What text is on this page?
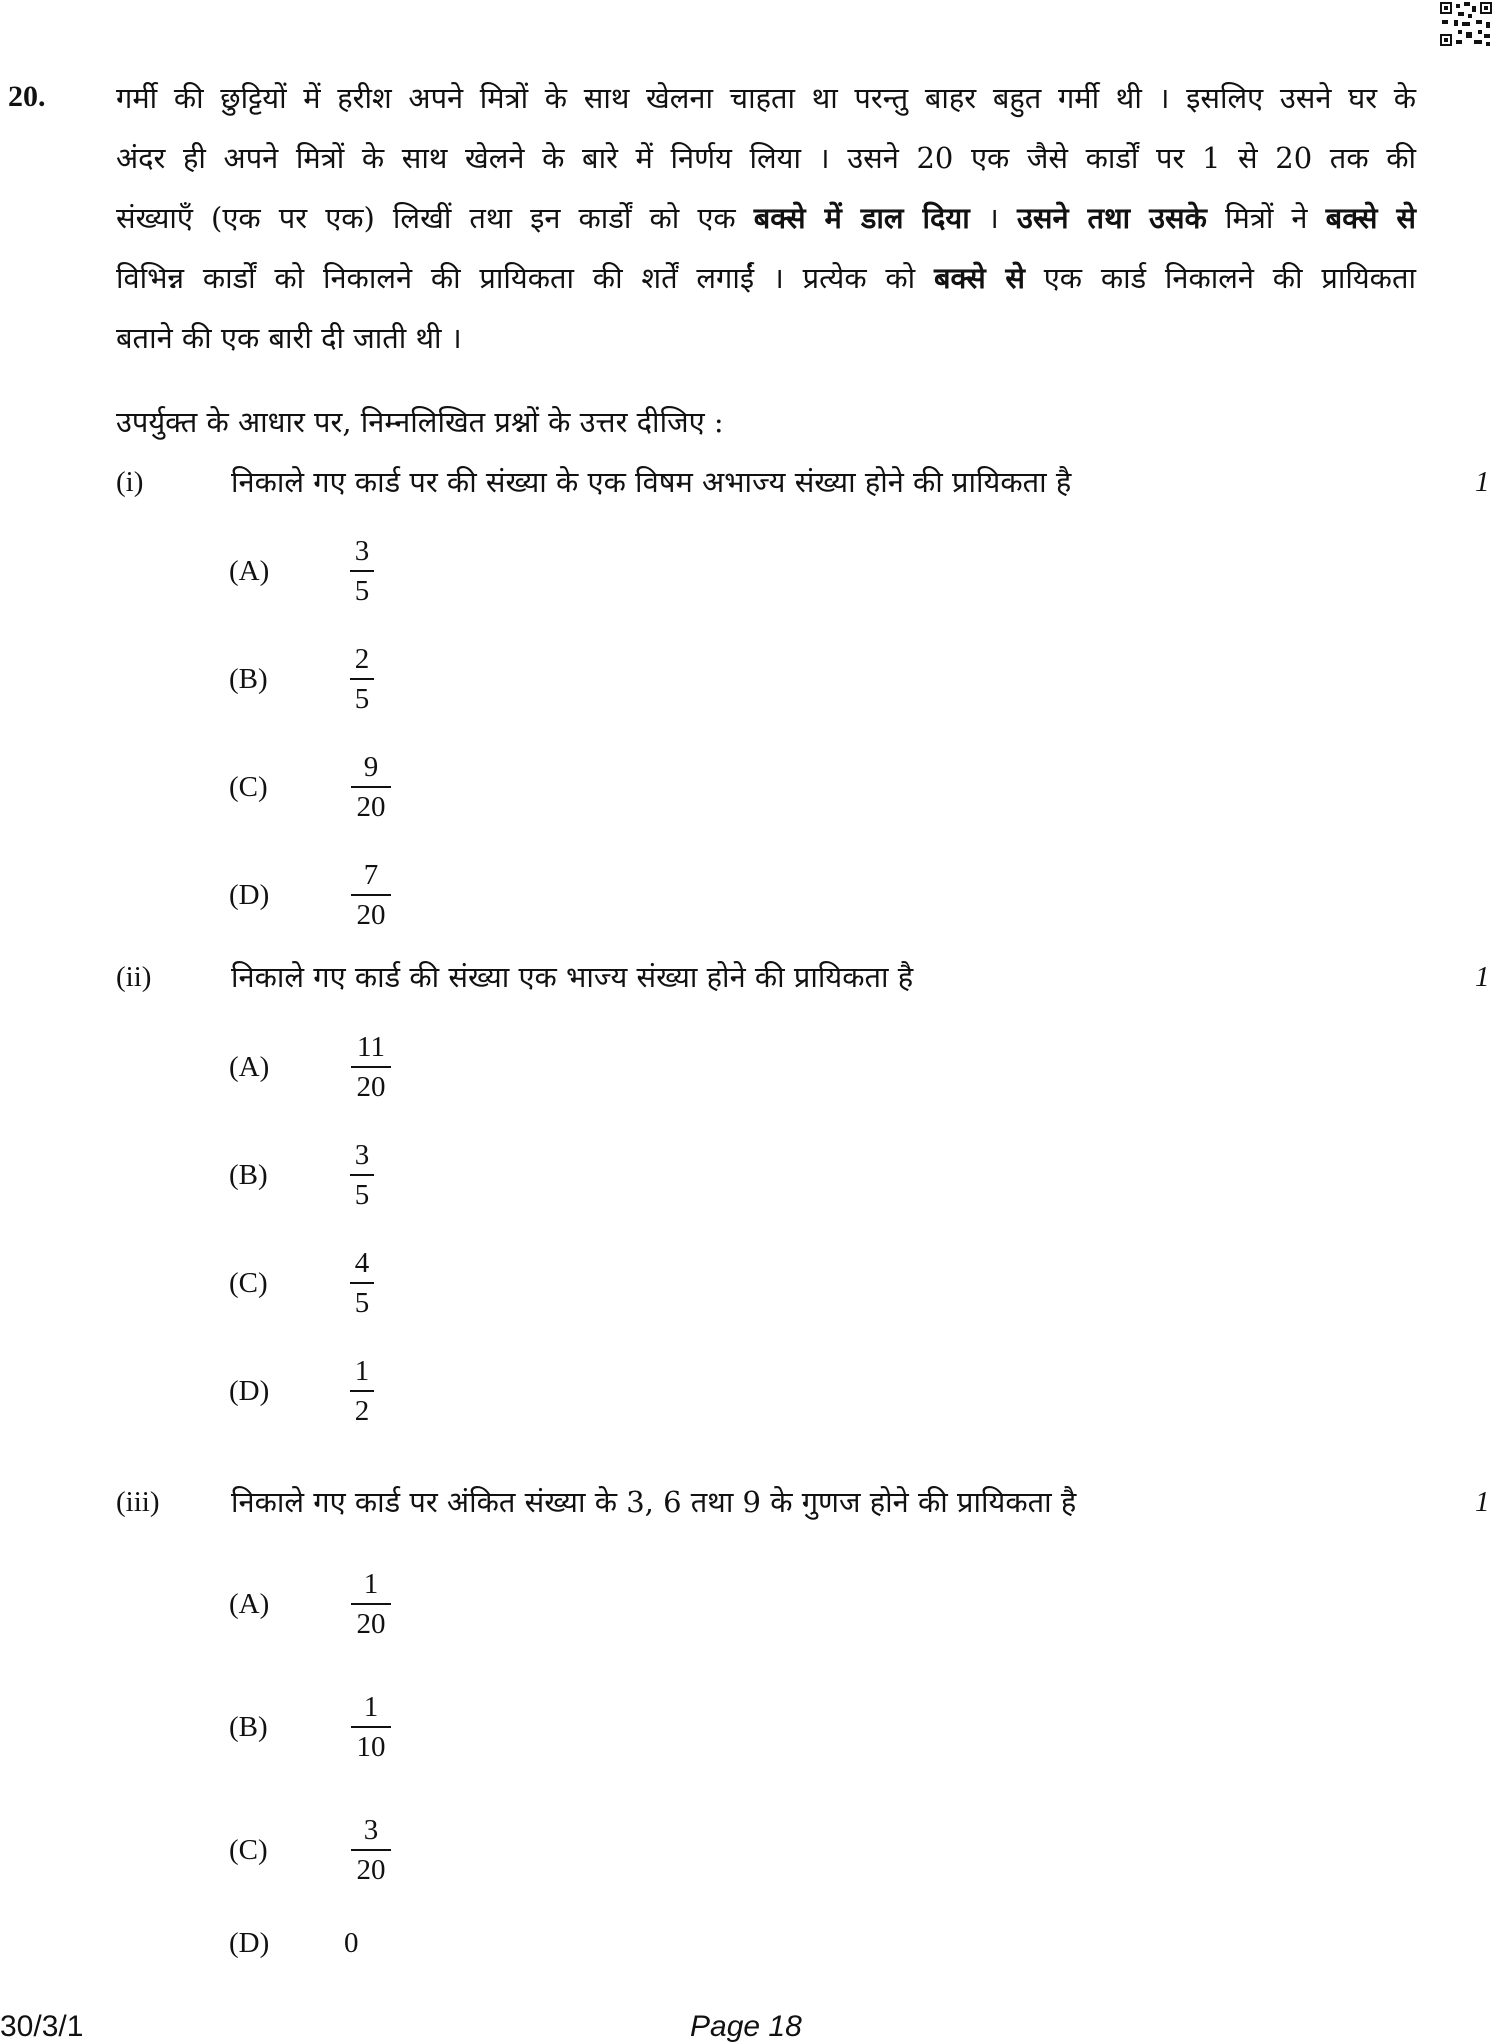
20. गर्मी की छुट्टियों में हरीश अपने मित्रों के साथ खेलना चाहता था परन्तु बाहर बहुत गर्मी थी । इसलिए उसने घर के
अंदर ही अपने मित्रों के साथ खेलने के बारे में निर्णय लिया । उसने 20 एक जैसे कार्डों पर 1 से 20 तक की
संख्याएँ (एक पर एक) लिखीं तथा इन कार्डों को एक बक्से में डाल दिया । उसने तथा उसके मित्रों ने बक्से से
विभिन्न कार्डों को निकालने की प्रायिकता की शर्तें लगाईं । प्रत्येक को बक्से से एक कार्ड निकालने की प्रायिकता
बताने की एक बारी दी जाती थी ।
उपर्युक्त के आधार पर, निम्नलिखित प्रश्नों के उत्तर दीजिए :
(i)	निकाले गए कार्ड पर की संख्या के एक विषम अभाज्य संख्या होने की प्रायिकता है	1
(A)
3
5
(B)
2
5
(C)
9
20
(D)
7
20
(ii)	निकाले गए कार्ड की संख्या एक भाज्य संख्या होने की प्रायिकता है	1
(A)
11
20
(B)
3
5
(C)
4
5
(D)
1
2
(iii) निकाले गए कार्ड पर अंकित संख्या के 3, 6 तथा 9 के गुणज होने की प्रायिकता है	1
(A)
1
20
(B)
1
10
(C)
3
20
(D)	0
30/3/1	Page 18
